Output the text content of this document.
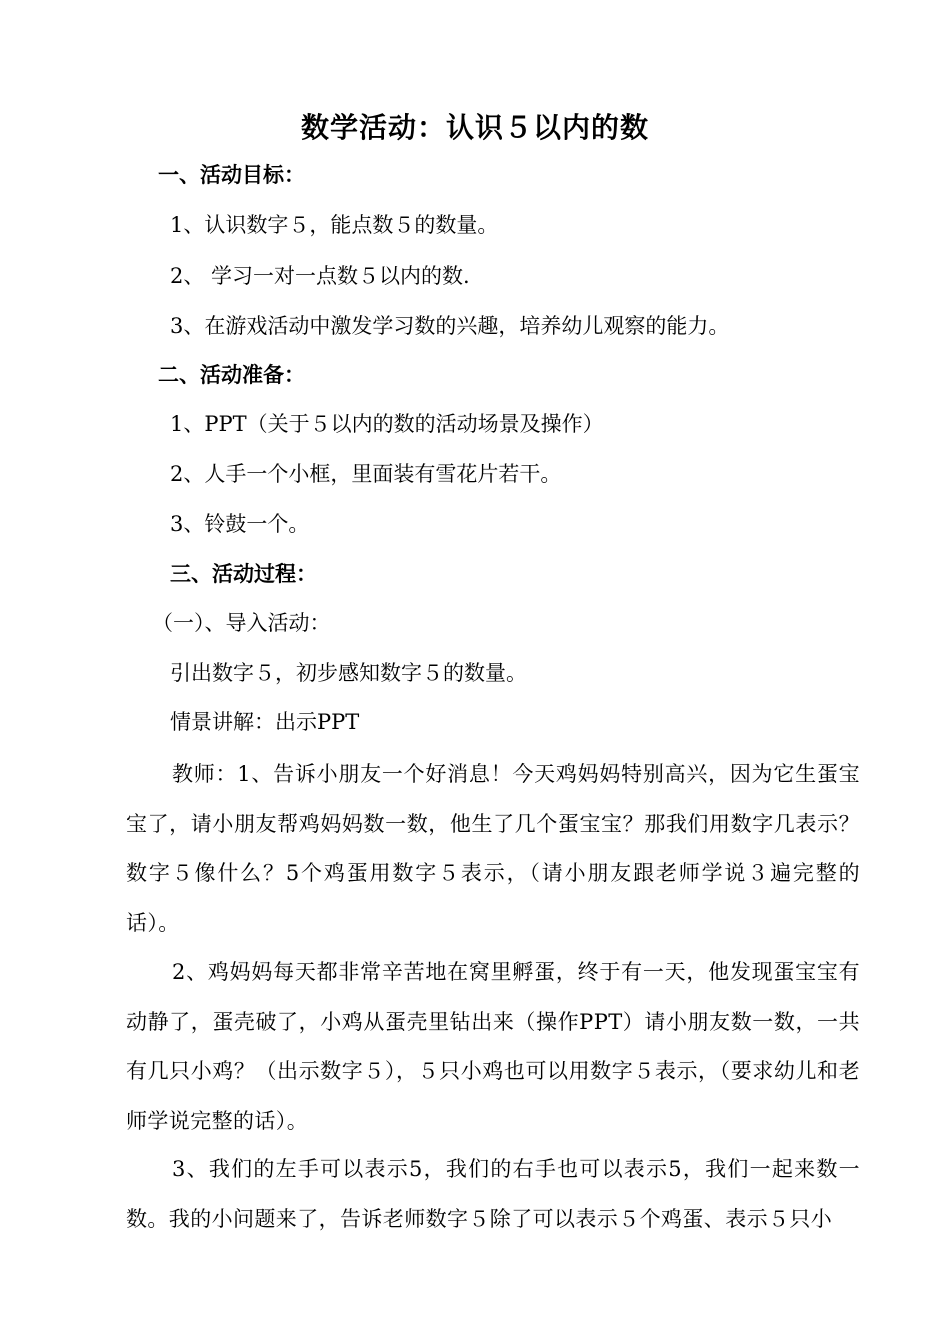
数学活动：认识５以内的数
一、活动目标：
1、认识数字５，能点数５的数量。
2、 学习一对一点数５以内的数.
3、在游戏活动中激发学习数的兴趣，培养幼儿观察的能力。
二、活动准备：
1、PPT（关于５以内的数的活动场景及操作）
2、人手一个小框，里面装有雪花片若干。
3、铃鼓一个。
三、活动过程：
（一）、导入活动：
引出数字５，初步感知数字５的数量。
情景讲解：出示PPT
教师：1、告诉小朋友一个好消息！今天鸡妈妈特别高兴，因为它生蛋宝宝了，请小朋友帮鸡妈妈数一数，他生了几个蛋宝宝？那我们用数字几表示？数字５像什么？5个鸡蛋用数字５表示，（请小朋友跟老师学说３遍完整的话）。
2、鸡妈妈每天都非常辛苦地在窝里孵蛋，终于有一天，他发现蛋宝宝有动静了，蛋壳破了，小鸡从蛋壳里钻出来（操作PPT）请小朋友数一数，一共有几只小鸡？（出示数字５），５只小鸡也可以用数字５表示，（要求幼儿和老师学说完整的话）。
3、我们的左手可以表示5，我们的右手也可以表示5，我们一起来数一数。我的小问题来了，告诉老师数字５除了可以表示５个鸡蛋、表示５只小
